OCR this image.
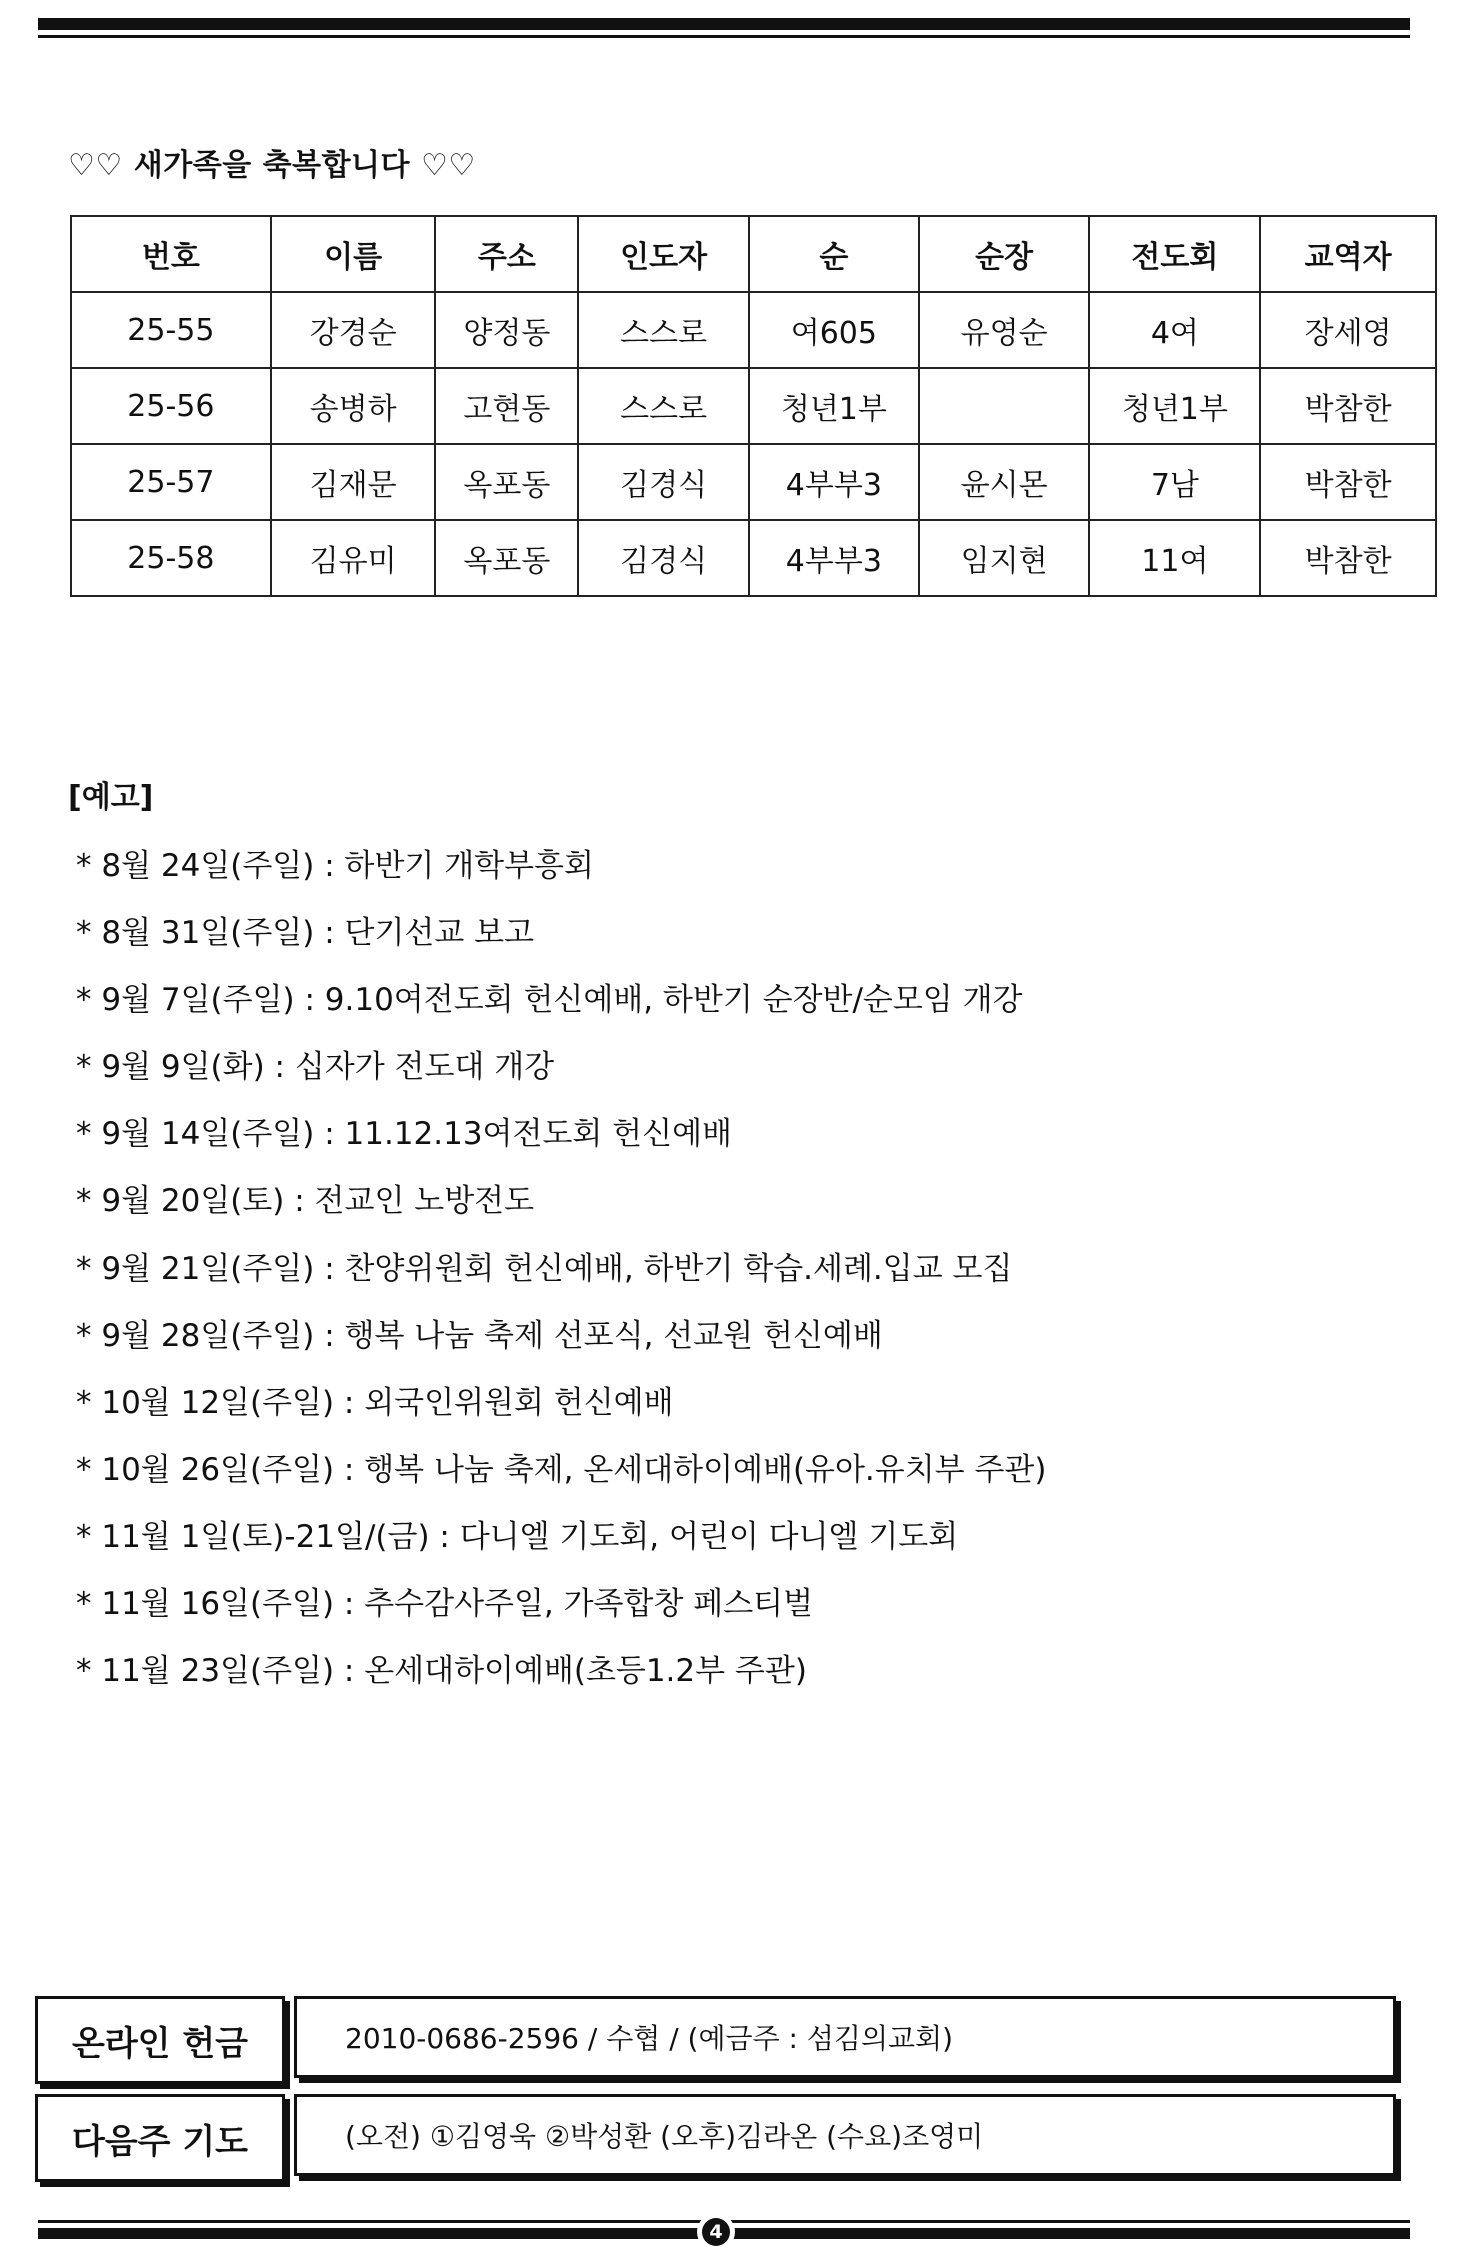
♡♡ 새가족을 축복합니다 ♡♡
번호	이름	주소	인도자	순	순장	전도회	교역자
25-55	강경순	양정동	스스로	여605	유영순	4여	장세영
25-56	송병하	고현동	스스로	청년1부		청년1부	박참한
25-57	김재문	옥포동	김경식	4부부3	윤시몬	7남	박참한
25-58	김유미	옥포동	김경식	4부부3	임지현	11여	박참한
[예고]
* 8월 24일(주일) : 하반기 개학부흥회
* 8월 31일(주일) : 단기선교 보고
* 9월 7일(주일) : 9.10여전도회 헌신예배, 하반기 순장반/순모임 개강
* 9월 9일(화) : 십자가 전도대 개강
* 9월 14일(주일) : 11.12.13여전도회 헌신예배
* 9월 20일(토) : 전교인 노방전도
* 9월 21일(주일) : 찬양위원회 헌신예배, 하반기 학습.세례.입교 모집
* 9월 28일(주일) : 행복 나눔 축제 선포식, 선교원 헌신예배
* 10월 12일(주일) : 외국인위원회 헌신예배
* 10월 26일(주일) : 행복 나눔 축제, 온세대하이예배(유아.유치부 주관)
* 11월 1일(토)-21일/(금) : 다니엘 기도회, 어린이 다니엘 기도회
* 11월 16일(주일) : 추수감사주일, 가족합창 페스티벌
* 11월 23일(주일) : 온세대하이예배(초등1.2부 주관)
온라인 헌금	2010-0686-2596 / 수협 / (예금주 : 섬김의교회)
다음주 기도	(오전) ①김영욱 ②박성환 (오후)김라온 (수요)조영미
4
